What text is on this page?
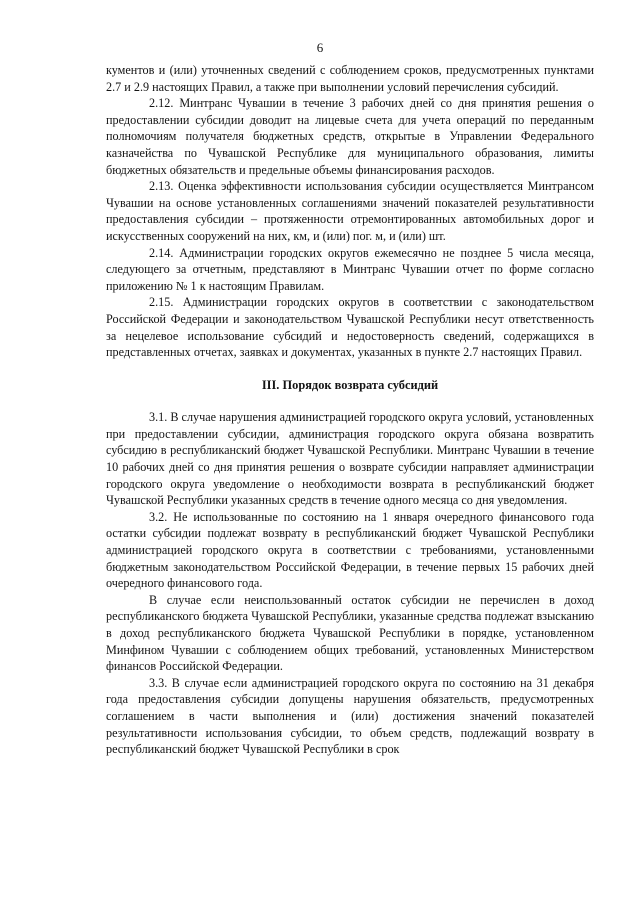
6

кументов и (или) уточненных сведений с соблюдением сроков, предусмотренных пунктами 2.7 и 2.9 настоящих Правил, а также при выполнении условий перечисления субсидий.

2.12. Минтранс Чувашии в течение 3 рабочих дней со дня принятия решения о предоставлении субсидии доводит на лицевые счета для учета операций по переданным полномочиям получателя бюджетных средств, открытые в Управлении Федерального казначейства по Чувашской Республике для муниципального образования, лимиты бюджетных обязательств и предельные объемы финансирования расходов.

2.13. Оценка эффективности использования субсидии осуществляется Минтрансом Чувашии на основе установленных соглашениями значений показателей результативности предоставления субсидии – протяженности отремонтированных автомобильных дорог и искусственных сооружений на них, км, и (или) пог. м, и (или) шт.

2.14. Администрации городских округов ежемесячно не позднее 5 числа месяца, следующего за отчетным, представляют в Минтранс Чувашии отчет по форме согласно приложению № 1 к настоящим Правилам.

2.15. Администрации городских округов в соответствии с законодательством Российской Федерации и законодательством Чувашской Республики несут ответственность за нецелевое использование субсидий и недостоверность сведений, содержащихся в представленных отчетах, заявках и документах, указанных в пункте 2.7 настоящих Правил.

III. Порядок возврата субсидий

3.1. В случае нарушения администрацией городского округа условий, установленных при предоставлении субсидии, администрация городского округа обязана возвратить субсидию в республиканский бюджет Чувашской Республики. Минтранс Чувашии в течение 10 рабочих дней со дня принятия решения о возврате субсидии направляет администрации городского округа уведомление о необходимости возврата в республиканский бюджет Чувашской Республики указанных средств в течение одного месяца со дня уведомления.

3.2. Не использованные по состоянию на 1 января очередного финансового года остатки субсидии подлежат возврату в республиканский бюджет Чувашской Республики администрацией городского округа в соответствии с требованиями, установленными бюджетным законодательством Российской Федерации, в течение первых 15 рабочих дней очередного финансового года.

В случае если неиспользованный остаток субсидии не перечислен в доход республиканского бюджета Чувашской Республики, указанные средства подлежат взысканию в доход республиканского бюджета Чувашской Республики в порядке, установленном Минфином Чувашии с соблюдением общих требований, установленных Министерством финансов Российской Федерации.

3.3. В случае если администрацией городского округа по состоянию на 31 декабря года предоставления субсидии допущены нарушения обязательств, предусмотренных соглашением в части выполнения и (или) достижения значений показателей результативности использования субсидии, то объем средств, подлежащий возврату в республиканский бюджет Чувашской Республики в срок
